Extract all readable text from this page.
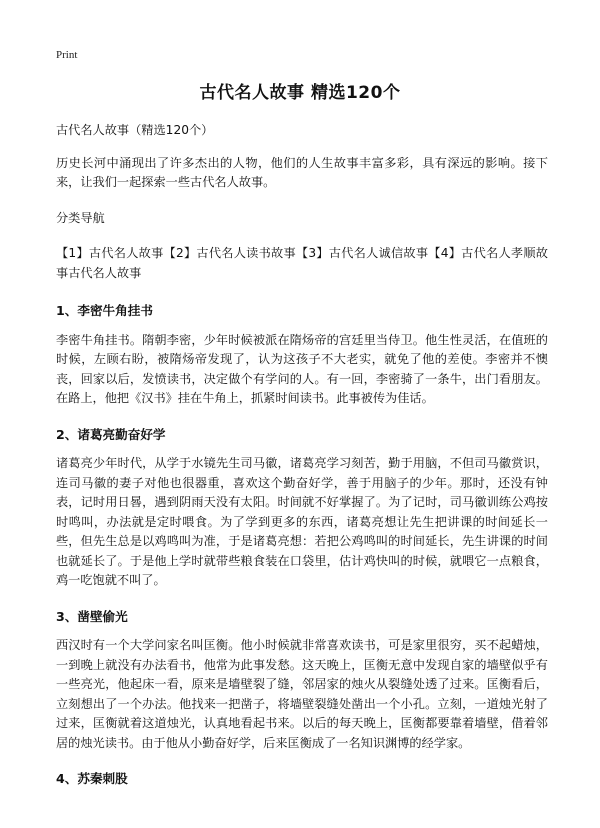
Print
古代名人故事 精选120个

古代名人故事（精选120个）

历史长河中涌现出了许多杰出的人物，他们的人生故事丰富多彩，具有深远的影响。接下来，让我们一起探索一些古代名人故事。

分类导航

【1】古代名人故事【2】古代名人读书故事【3】古代名人诚信故事【4】古代名人孝顺故事古代名人故事

1、李密牛角挂书

李密牛角挂书。隋朝李密，少年时候被派在隋炀帝的宫廷里当侍卫。他生性灵活，在值班的时候，左顾右盼，被隋炀帝发现了，认为这孩子不大老实，就免了他的差使。李密并不懊丧，回家以后，发愤读书，决定做个有学问的人。有一回，李密骑了一条牛，出门看朋友。在路上，他把《汉书》挂在牛角上，抓紧时间读书。此事被传为佳话。

2、诸葛亮勤奋好学

诸葛亮少年时代，从学于水镜先生司马徽，诸葛亮学习刻苦，勤于用脑，不但司马徽赏识，连司马徽的妻子对他也很器重，喜欢这个勤奋好学，善于用脑子的少年。那时，还没有钟表，记时用日晷，遇到阴雨天没有太阳。时间就不好掌握了。为了记时，司马徽训练公鸡按时鸣叫，办法就是定时喂食。为了学到更多的东西，诸葛亮想让先生把讲课的时间延长一些，但先生总是以鸡鸣叫为准，于是诸葛亮想：若把公鸡鸣叫的时间延长，先生讲课的时间也就延长了。于是他上学时就带些粮食装在口袋里，估计鸡快叫的时候，就喂它一点粮食，鸡一吃饱就不叫了。

3、凿壁偷光

西汉时有一个大学问家名叫匡衡。他小时候就非常喜欢读书，可是家里很穷，买不起蜡烛，一到晚上就没有办法看书，他常为此事发愁。这天晚上，匡衡无意中发现自家的墙壁似乎有一些亮光，他起床一看，原来是墙壁裂了缝，邻居家的烛火从裂缝处透了过来。匡衡看后，立刻想出了一个办法。他找来一把凿子，将墙壁裂缝处凿出一个小孔。立刻，一道烛光射了过来，匡衡就着这道烛光，认真地看起书来。以后的每天晚上，匡衡都要靠着墙壁，借着邻居的烛光读书。由于他从小勤奋好学，后来匡衡成了一名知识渊博的经学家。

4、苏秦刺股
